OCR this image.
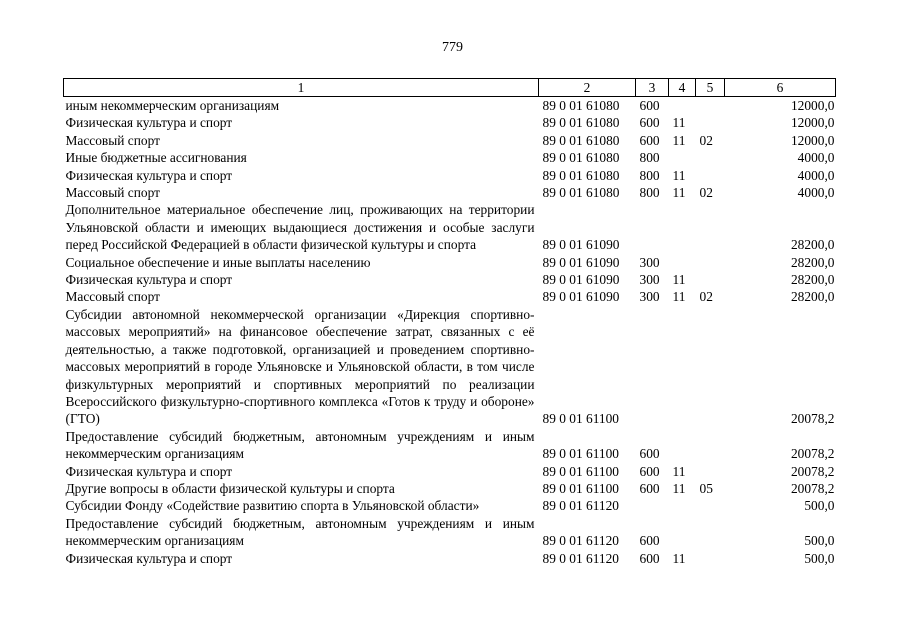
779
1	2	3	4	5	6
иным некоммерческим организациям	89 0 01 61080	600			12000,0
Физическая культура и спорт	89 0 01 61080	600	11		12000,0
Массовый спорт	89 0 01 61080	600	11	02	12000,0
Иные бюджетные ассигнования	89 0 01 61080	800			4000,0
Физическая культура и спорт	89 0 01 61080	800	11		4000,0
Массовый спорт	89 0 01 61080	800	11	02	4000,0
Дополнительное материальное обеспечение лиц, проживающих на территории Ульяновской области и имеющих выдающиеся достижения и особые заслуги перед Российской Федерацией в области физической культуры и спорта	89 0 01 61090				28200,0
Социальное обеспечение и иные выплаты населению	89 0 01 61090	300			28200,0
Физическая культура и спорт	89 0 01 61090	300	11		28200,0
Массовый спорт	89 0 01 61090	300	11	02	28200,0
Субсидии автономной некоммерческой организации «Дирекция спортивно-массовых мероприятий» на финансовое обеспечение затрат, связанных с её деятельностью, а также подготовкой, организацией и проведением спортивно-массовых мероприятий в городе Ульяновске и Ульяновской области, в том числе физкультурных мероприятий и спортивных мероприятий по реализации Всероссийского физкультурно-спортивного комплекса «Готов к труду и обороне» (ГТО)	89 0 01 61100				20078,2
Предоставление субсидий бюджетным, автономным учреждениям и иным некоммерческим организациям	89 0 01 61100	600			20078,2
Физическая культура и спорт	89 0 01 61100	600	11		20078,2
Другие вопросы в области физической культуры и спорта	89 0 01 61100	600	11	05	20078,2
Субсидии Фонду «Содействие развитию спорта в Ульяновской области»	89 0 01 61120				500,0
Предоставление субсидий бюджетным, автономным учреждениям и иным некоммерческим организациям	89 0 01 61120	600			500,0
Физическая культура и спорт	89 0 01 61120	600	11		500,0
